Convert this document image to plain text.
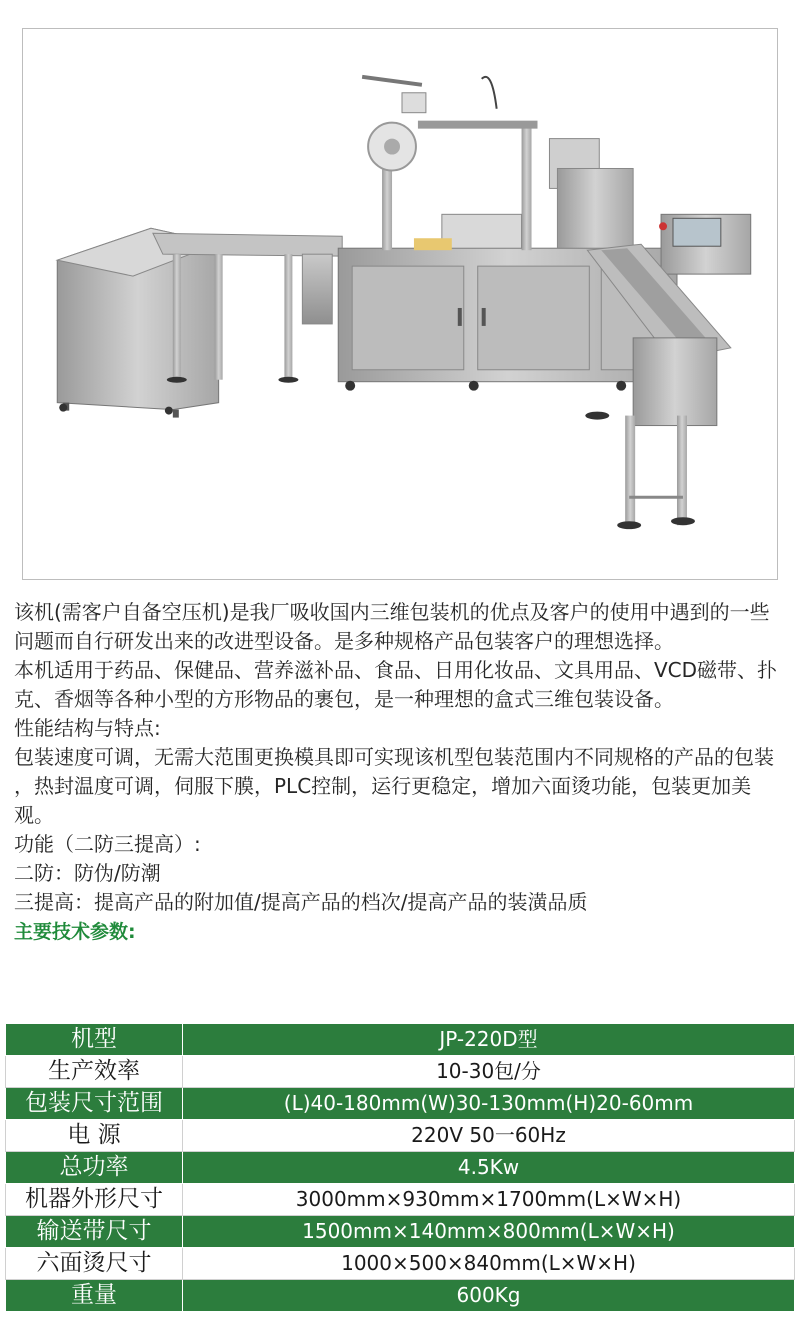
该机(需客户自备空压机)是我厂吸收国内三维包装机的优点及客户的使用中遇到的一些问题而自行研发出来的改进型设备。是多种规格产品包装客户的理想选择。

本机适用于药品、保健品、营养滋补品、食品、日用化妆品、文具用品、VCD磁带、扑克、香烟等各种小型的方形物品的裹包，是一种理想的盒式三维包装设备。

性能结构与特点:

包装速度可调，无需大范围更换模具即可实现该机型包装范围内不同规格的产品的包装 ，热封温度可调，伺服下膜，PLC控制，运行更稳定，增加六面烫功能，包装更加美观。

功能（二防三提高）:

二防：防伪/防潮

三提高：提高产品的附加值/提高产品的档次/提高产品的装潢品质

主要技术参数:

机型	JP-220D型
生产效率	10-30包/分
包装尺寸范围	(L)40-180mm(W)30-130mm(H)20-60mm
电 源	220V 50一60Hz
总功率	4.5Kw
机器外形尺寸	3000mm×930mm×1700mm(L×W×H)
输送带尺寸	1500mm×140mm×800mm(L×W×H)
六面烫尺寸	1000×500×840mm(L×W×H)
重量	600Kg
